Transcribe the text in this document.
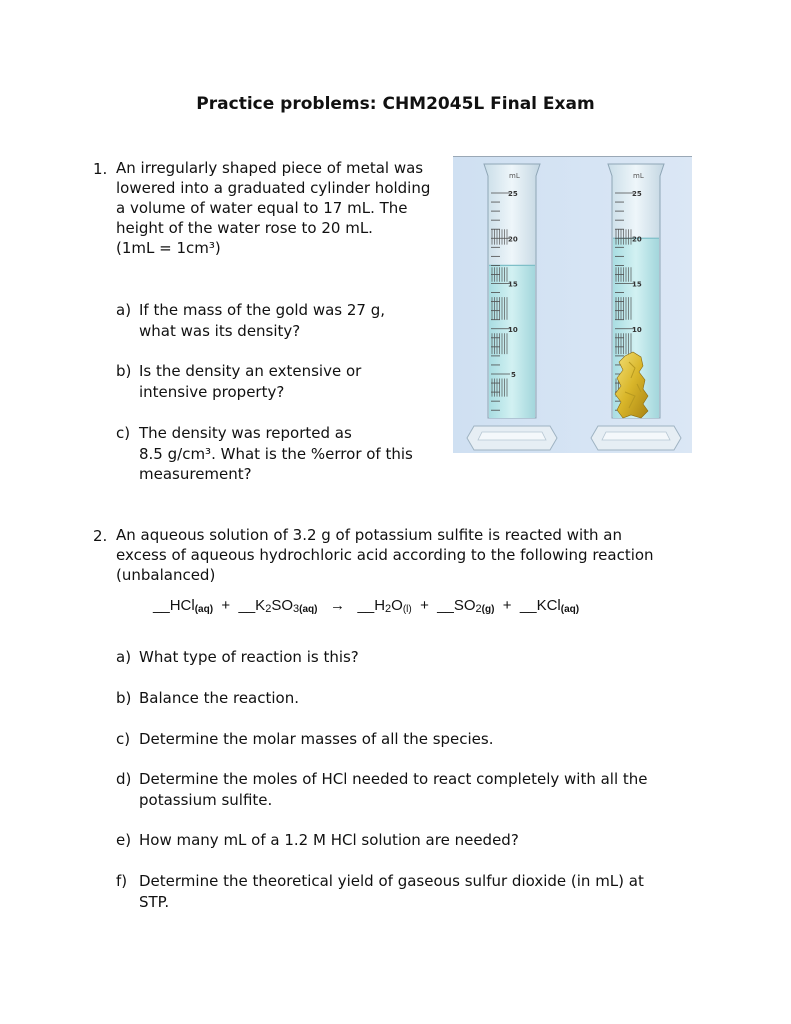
Practice problems: CHM2045L Final Exam
1. An irregularly shaped piece of metal was
lowered into a graduated cylinder holding
a volume of water equal to 17 mL. The
height of the water rose to 20 mL.
(1mL = 1cm³)
a) If the mass of the gold was 27 g,
what was its density?
b) Is the density an extensive or
intensive property?
c) The density was reported as
8.5 g/cm³. What is the %error of this
measurement?
mL
25
20
15
10
5
mL
25
20
15
10
2. An aqueous solution of 3.2 g of potassium sulfite is reacted with an
excess of aqueous hydrochloric acid according to the following reaction
(unbalanced)
__HCl$_{(aq)}$ + $\_\_K_2SO_{3(aq)}$ → $\_\_H_2O_{(l)}$ + $\_\_SO_{2(g)}$ + __KCl$_{(aq)}$
a) What type of reaction is this?
b) Balance the reaction.
c) Determine the molar masses of all the species.
d) Determine the moles of HCl needed to react completely with all the
potassium sulfite.
e) How many mL of a 1.2 M HCl solution are needed?
f) Determine the theoretical yield of gaseous sulfur dioxide (in mL) at
STP.
